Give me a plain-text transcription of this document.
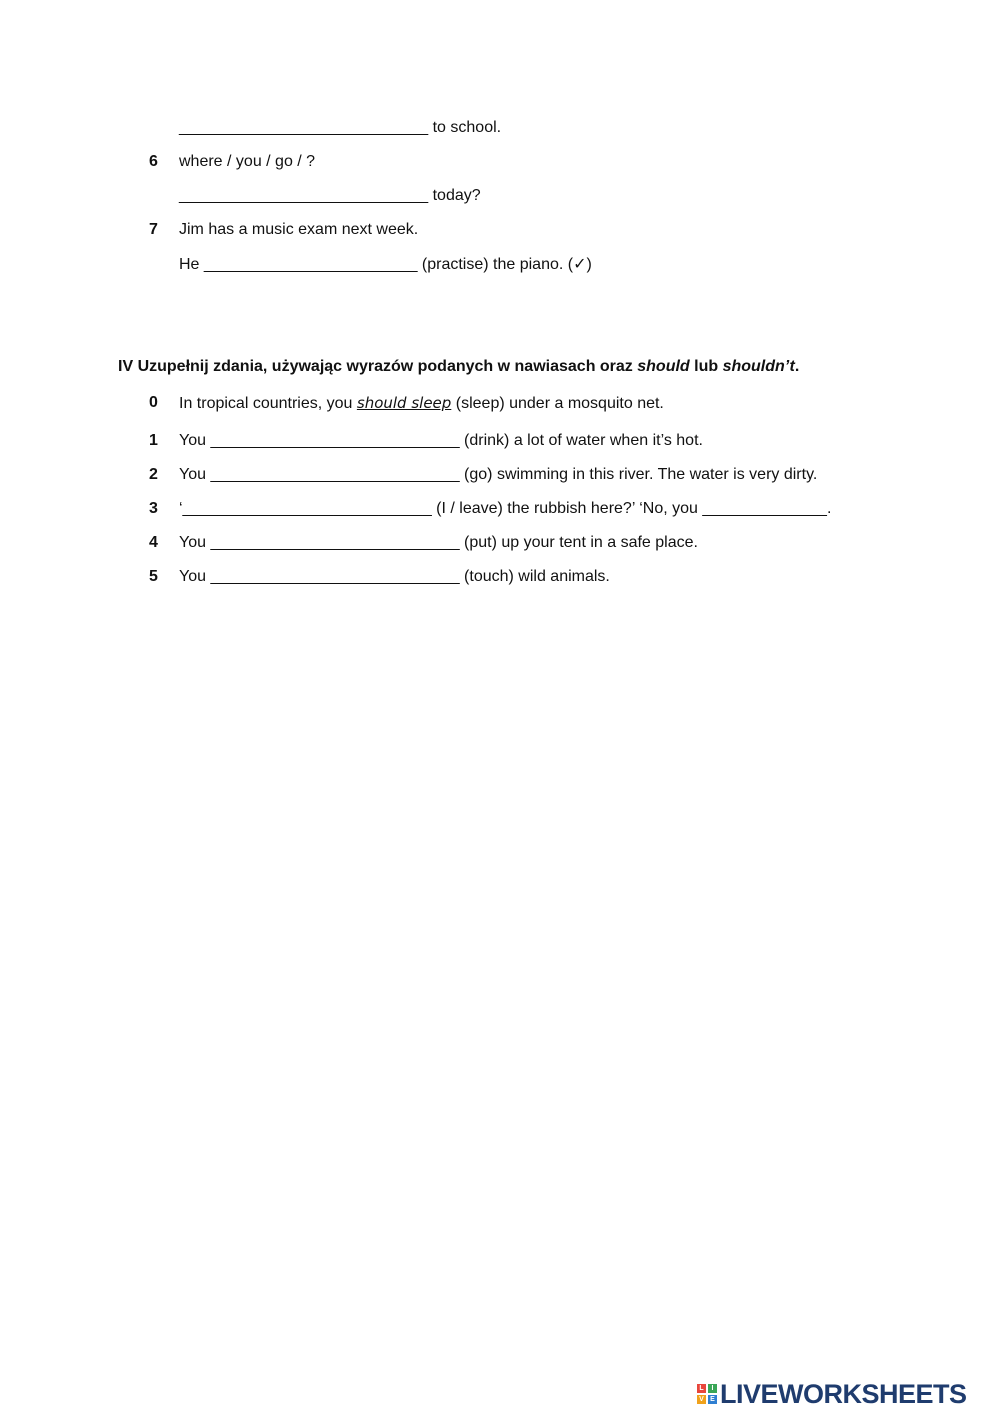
____________________________ to school.
6 where / you / go / ?
____________________________ today?
7 Jim has a music exam next week.
He ________________________ (practise) the piano. (✓)
IV Uzupełnij zdania, używając wyrazów podanych w nawiasach oraz should lub shouldn’t.
0 In tropical countries, you should sleep (sleep) under a mosquito net.
1 You ____________________________ (drink) a lot of water when it’s hot.
2 You ____________________________ (go) swimming in this river. The water is very dirty.
3 ‘____________________________ (I / leave) the rubbish here?’ ‘No, you ______________.
4 You ____________________________ (put) up your tent in a safe place.
5 You ____________________________ (touch) wild animals.
L	I
V E LIVEWORKSHEETS
